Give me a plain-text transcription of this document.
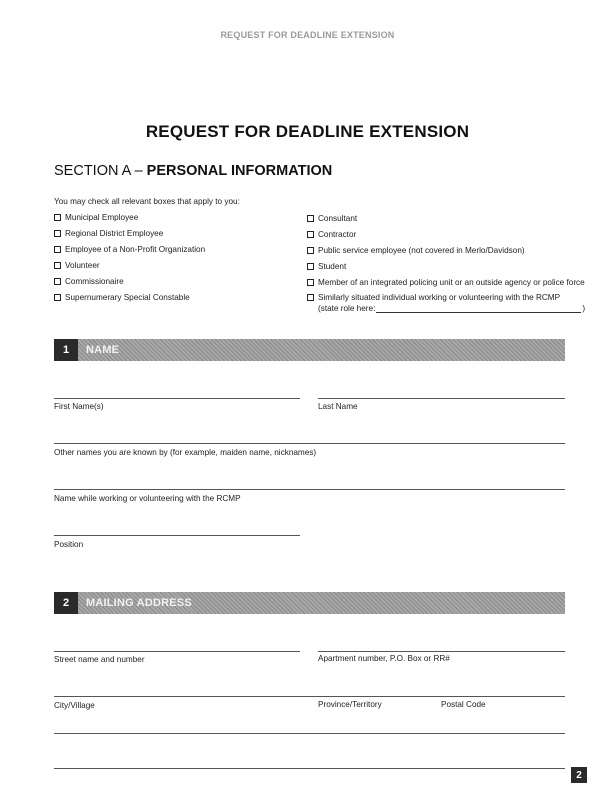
REQUEST FOR DEADLINE EXTENSION
REQUEST FOR DEADLINE EXTENSION
SECTION A – PERSONAL INFORMATION
You may check all relevant boxes that apply to you:
Municipal Employee
Regional District Employee
Employee of a Non-Profit Organization
Volunteer
Commissionaire
Supernumerary Special Constable
Consultant
Contractor
Public service employee (not covered in Merlo/Davidson)
Student
Member of an integrated policing unit or an outside agency or police force
Similarly situated individual working or volunteering with the RCMP
(state role here:	)
1	NAME
First Name(s)	Last Name
Other names you are known by (for example, maiden name, nicknames)
Name while working or volunteering with the RCMP
Position
2	MAILING ADDRESS
Street name and number	Apartment number, P.O. Box or RR#
City/Village	Province/Territory	Postal Code
2
